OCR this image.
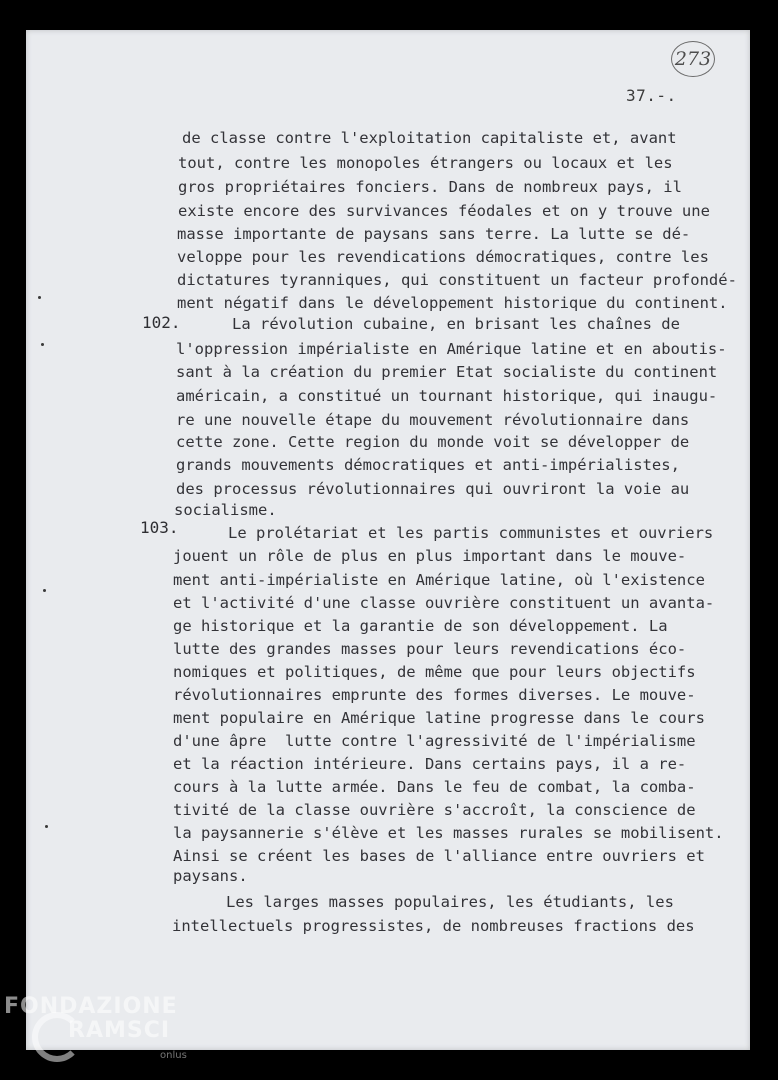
273
37.-.
102.
103.
de classe contre l'exploitation capitaliste et, avant
tout, contre les monopoles étrangers ou locaux et les
gros propriétaires fonciers. Dans de nombreux pays, il
existe encore des survivances féodales et on y trouve une
masse importante de paysans sans terre. La lutte se dé-
veloppe pour les revendications démocratiques, contre les
dictatures tyranniques, qui constituent un facteur profondé-
ment négatif dans le développement historique du continent.
La révolution cubaine, en brisant les chaînes de
l'oppression impérialiste en Amérique latine et en aboutis-
sant à la création du premier Etat socialiste du continent
américain, a constitué un tournant historique, qui inaugu-
re une nouvelle étape du mouvement révolutionnaire dans
cette zone. Cette region du monde voit se développer de
grands mouvements démocratiques et anti-impérialistes,
des processus révolutionnaires qui ouvriront la voie au
socialisme.
Le prolétariat et les partis communistes et ouvriers
jouent un rôle de plus en plus important dans le mouve-
ment anti-impérialiste en Amérique latine, où l'existence
et l'activité d'une classe ouvrière constituent un avanta-
ge historique et la garantie de son développement. La
lutte des grandes masses pour leurs revendications éco-
nomiques et politiques, de même que pour leurs objectifs
révolutionnaires emprunte des formes diverses. Le mouve-
ment populaire en Amérique latine progresse dans le cours
d'une âpre  lutte contre l'agressivité de l'impérialisme
et la réaction intérieure. Dans certains pays, il a re-
cours à la lutte armée. Dans le feu de combat, la comba-
tivité de la classe ouvrière s'accroît, la conscience de
la paysannerie s'élève et les masses rurales se mobilisent.
Ainsi se créent les bases de l'alliance entre ouvriers et
paysans.
Les larges masses populaires, les étudiants, les
intellectuels progressistes, de nombreuses fractions des
FONDAZIONE
RAMSCI
onlus
